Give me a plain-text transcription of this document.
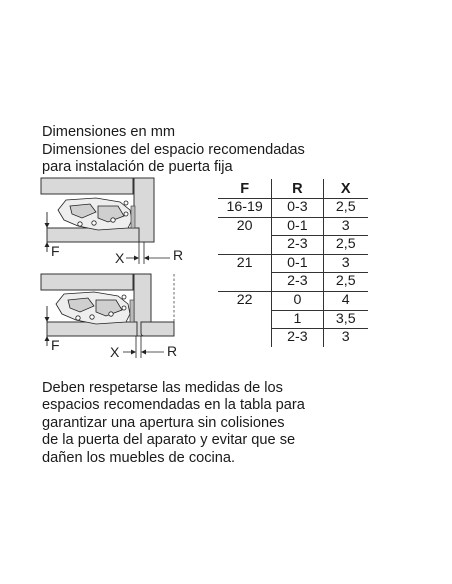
Dimensiones en mm
Dimensiones del espacio recomendadas
para instalación de puerta fija
F	X	R
F	X	R
F	R	X
16-19	0-3	2,5
20	0-1	3
	2-3	2,5
21	0-1	3
	2-3	2,5
22	0	4
	1	3,5
	2-3	3
Deben respetarse las medidas de los
espacios recomendadas en la tabla para
garantizar una apertura sin colisiones
de la puerta del aparato y evitar que se
dañen los muebles de cocina.
